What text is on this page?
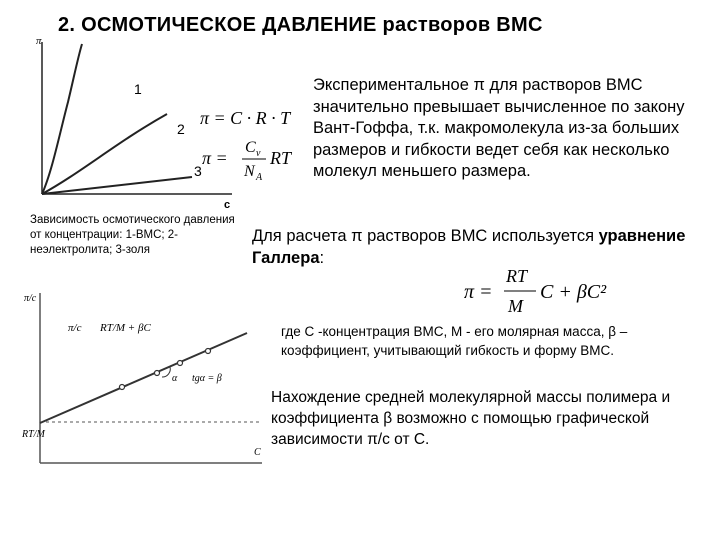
2. ОСМОТИЧЕСКОЕ ДАВЛЕНИЕ растворов ВМС
π
с
1
2
3
π = C · R · T
π =
C ν
N A
RT
Экспериментальное π для растворов ВМС значительно превышает вычисленное по закону Вант-Гоффа, т.к. макромолекула из-за больших размеров и гибкости ведет себя как несколько молекул меньшего размера.
Зависимость осмотического давления от концентрации: 1-ВМС; 2-неэлектролита; 3-золя
Для расчета π растворов ВМС используется уравнение Галлера:
π =
RT
M
C + βC²
где С -концентрация ВМС, М - его молярная масса, β – коэффициент, учитывающий гибкость и форму ВМС.
π/c
C
π/c RT/M + βC
RT/M
α tgα = β
Нахождение средней молекулярной массы полимера и коэффициента β возможно с помощью графической зависимости π/c от С.
